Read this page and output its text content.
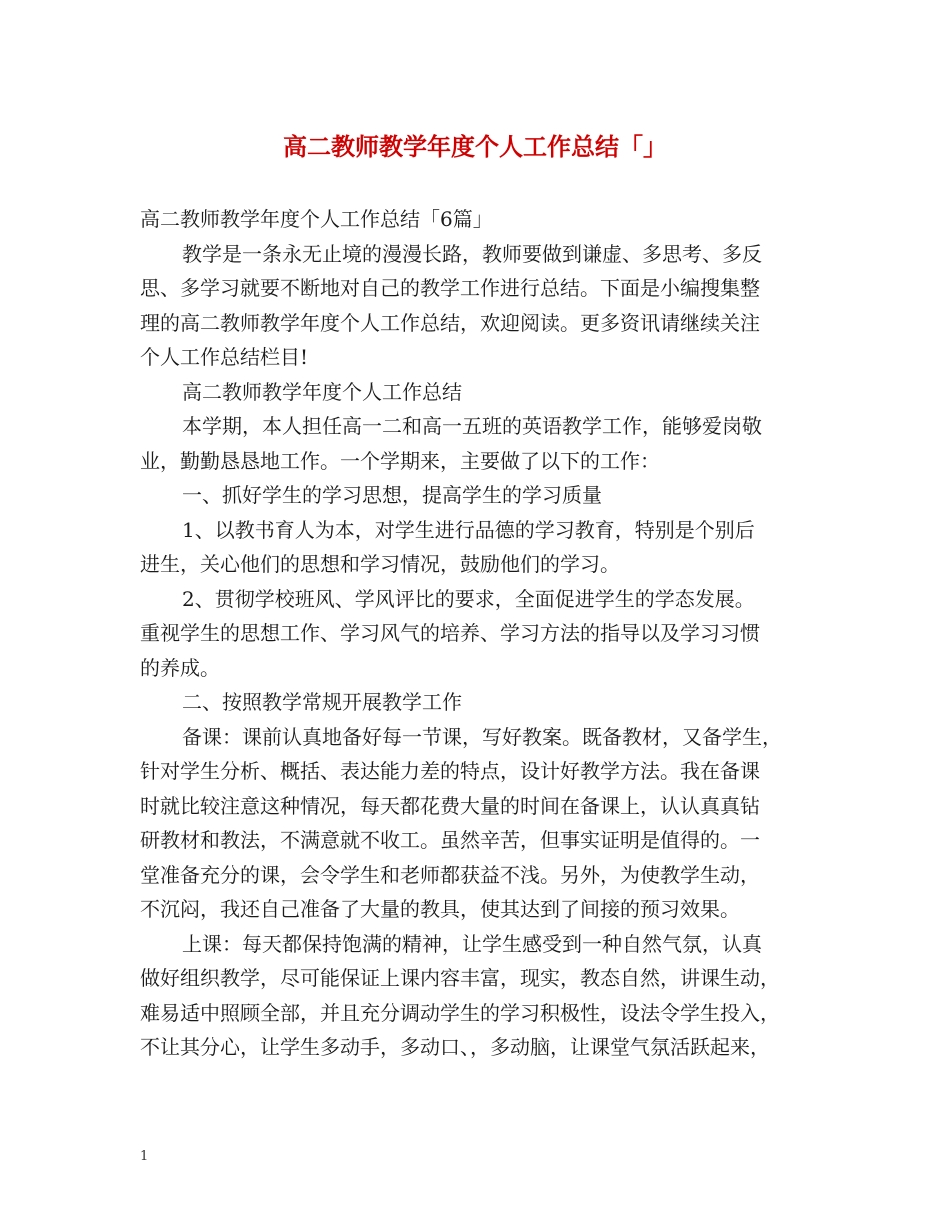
高二教师教学年度个人工作总结「」
高二教师教学年度个人工作总结「6篇」
教学是一条永无止境的漫漫长路，教师要做到谦虚、多思考、多反
思、多学习就要不断地对自己的教学工作进行总结。下面是小编搜集整
理的高二教师教学年度个人工作总结，欢迎阅读。更多资讯请继续关注
个人工作总结栏目!
高二教师教学年度个人工作总结
本学期，本人担任高一二和高一五班的英语教学工作，能够爱岗敬
业，勤勤恳恳地工作。一个学期来，主要做了以下的工作：
一、抓好学生的学习思想，提高学生的学习质量
1、以教书育人为本，对学生进行品德的学习教育，特别是个别后
进生，关心他们的思想和学习情况，鼓励他们的学习。
2、贯彻学校班风、学风评比的要求，全面促进学生的学态发展。
重视学生的思想工作、学习风气的培养、学习方法的指导以及学习习惯
的养成。
二、按照教学常规开展教学工作
备课：课前认真地备好每一节课，写好教案。既备教材，又备学生，
针对学生分析、概括、表达能力差的特点，设计好教学方法。我在备课
时就比较注意这种情况，每天都花费大量的时间在备课上，认认真真钻
研教材和教法，不满意就不收工。虽然辛苦，但事实证明是值得的。一
堂准备充分的课，会令学生和老师都获益不浅。另外，为使教学生动，
不沉闷，我还自己准备了大量的教具，使其达到了间接的预习效果。
上课：每天都保持饱满的精神，让学生感受到一种自然气氛，认真
做好组织教学，尽可能保证上课内容丰富，现实，教态自然，讲课生动，
难易适中照顾全部，并且充分调动学生的学习积极性，设法令学生投入，
不让其分心，让学生多动手，多动口、，多动脑，让课堂气氛活跃起来，
1
